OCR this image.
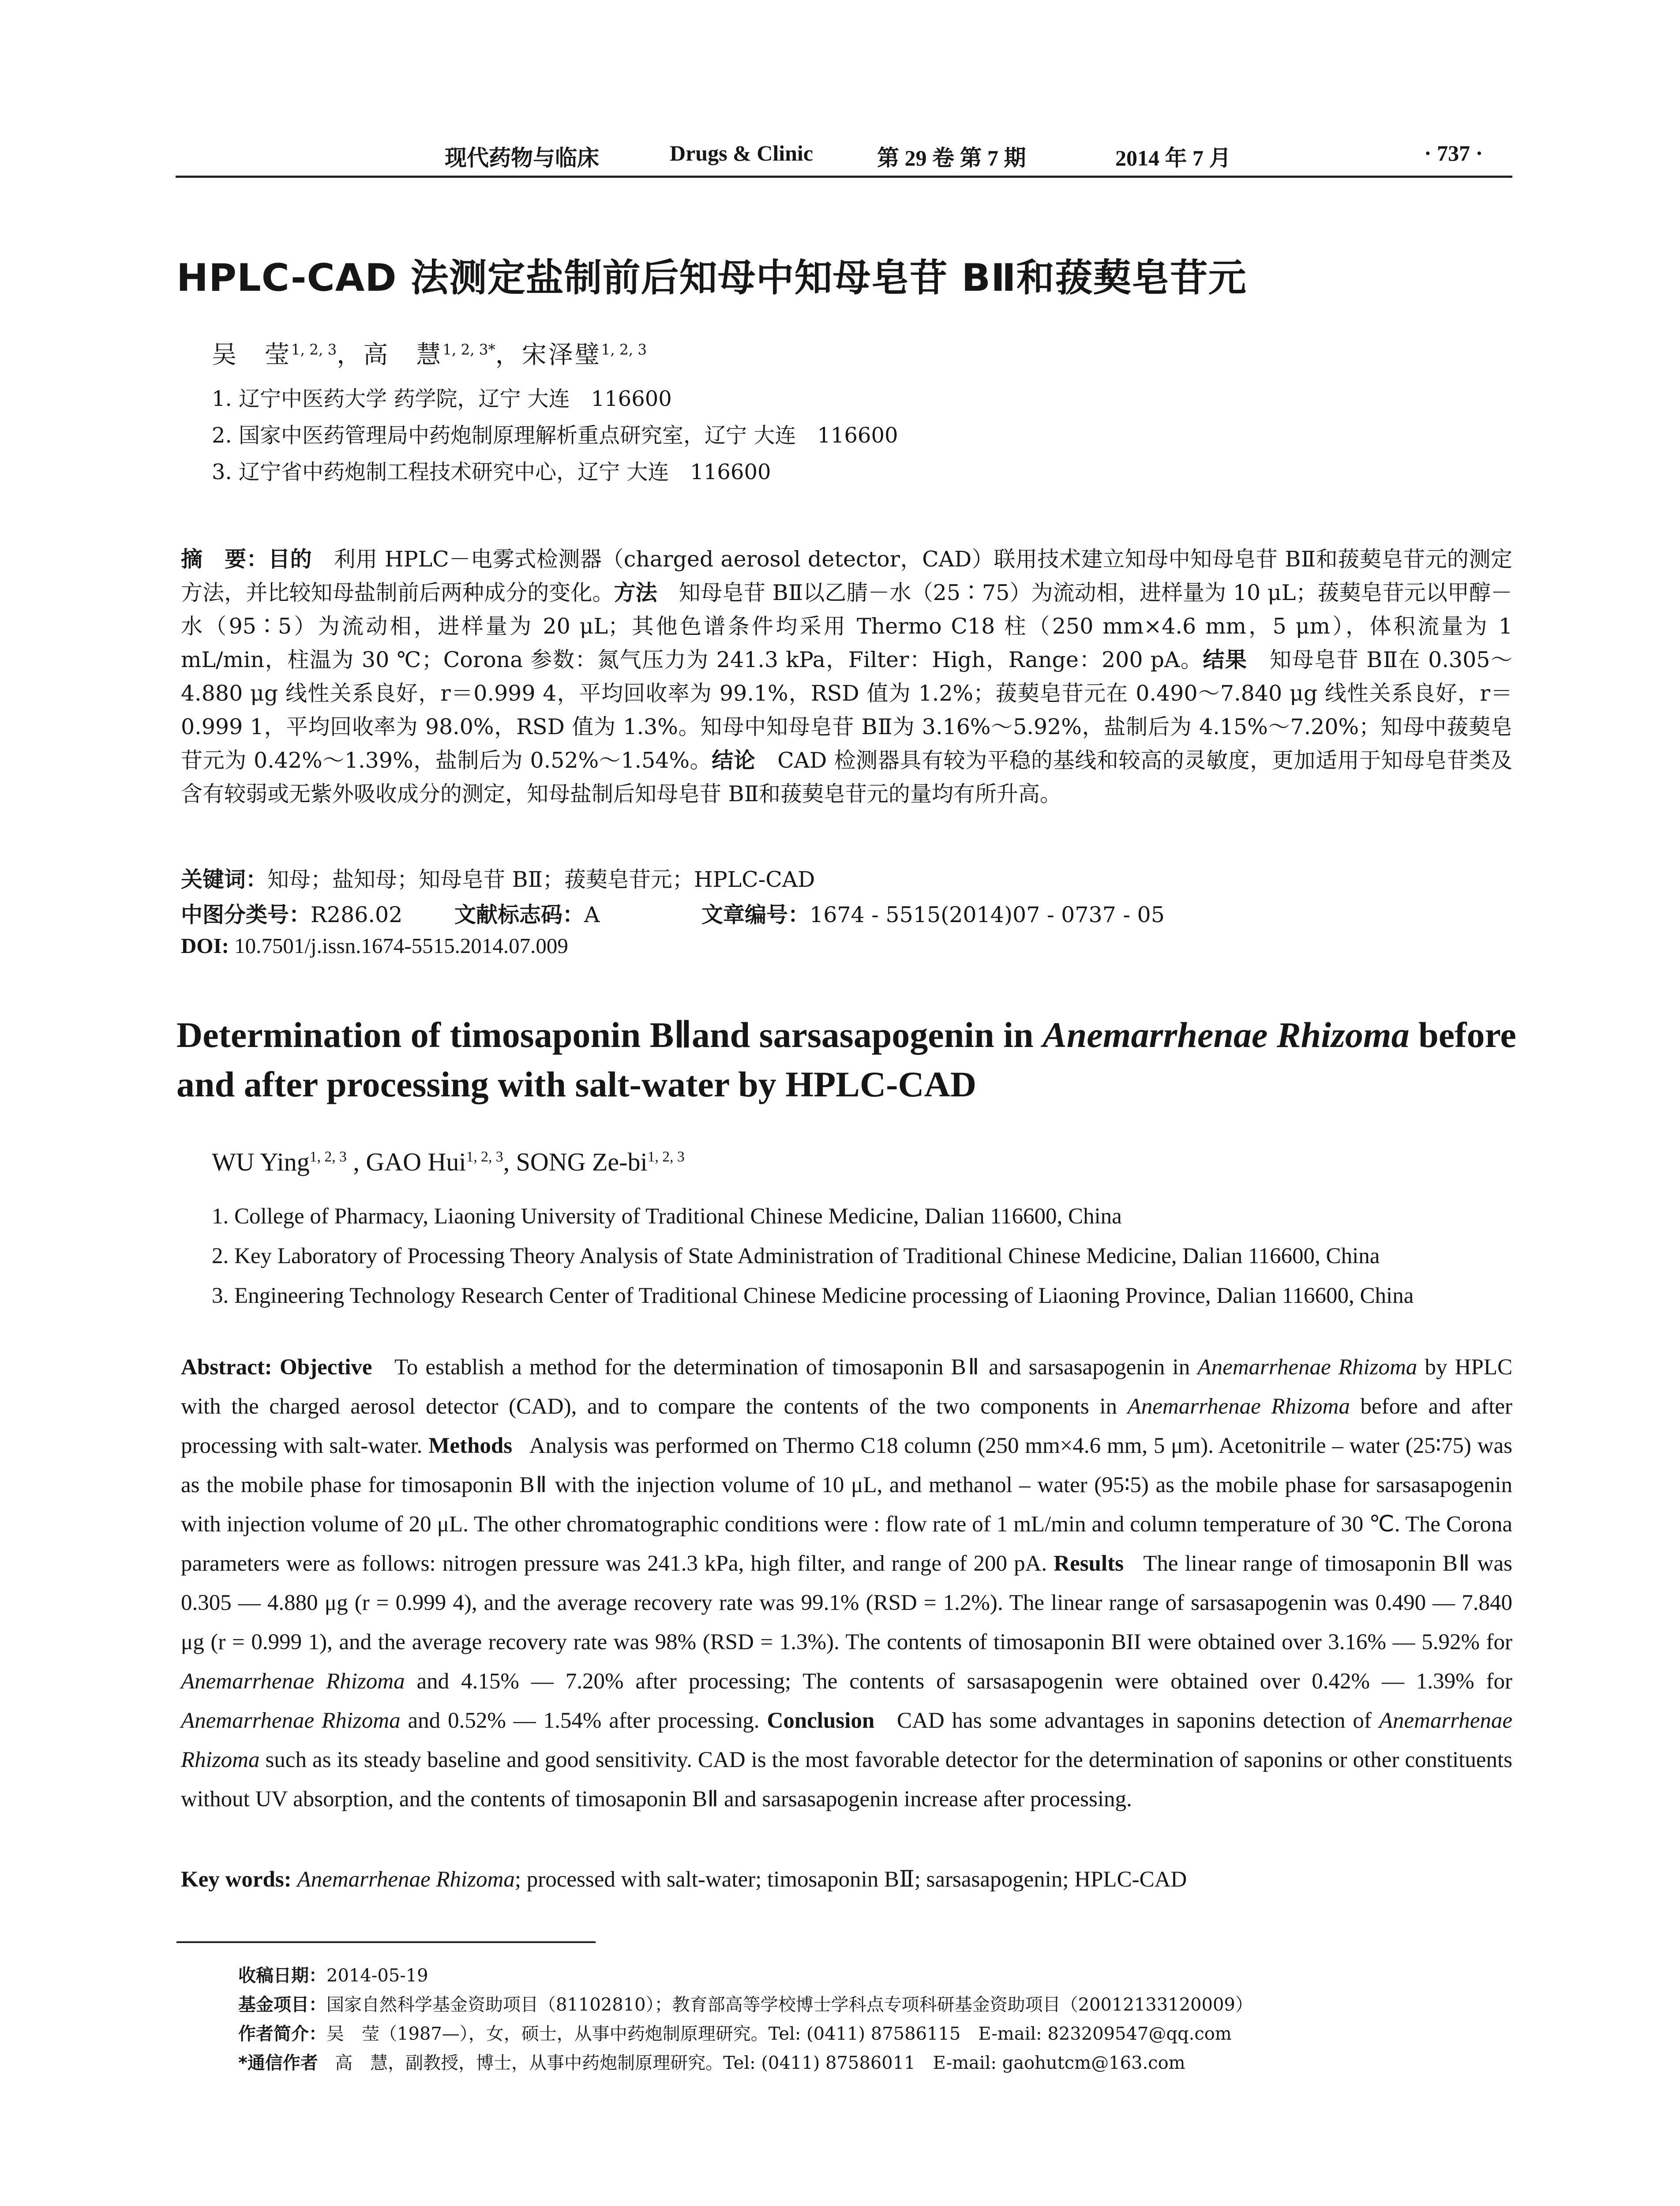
现代药物与临床	Drugs & Clinic	第 29 卷 第 7 期	2014 年 7 月	· 737 ·
HPLC-CAD 法测定盐制前后知母中知母皂苷 BⅡ和菝葜皂苷元
吴　莹$^{1, 2, 3}$，高　慧$^{1, 2, 3*}$，宋泽璧$^{1, 2, 3}$
1. 辽宁中医药大学 药学院，辽宁 大连　116600
2. 国家中医药管理局中药炮制原理解析重点研究室，辽宁 大连　116600
3. 辽宁省中药炮制工程技术研究中心，辽宁 大连　116600
摘　要：目的　 利用 HPLC－电雾式检测器（charged aerosol detector，CAD）联用技术建立知母中知母皂苷 BⅡ和菝葜皂苷元的测定方法，并比较知母盐制前后两种成分的变化。方法　 知母皂苷 BⅡ以乙腈－水（25∶75）为流动相，进样量为 10 μL；菝葜皂苷元以甲醇－水（95∶5）为流动相，进样量为 20 μL；其他色谱条件均采用 Thermo C18 柱（250 mm×4.6 mm，5 μm），体积流量为 1 mL/min，柱温为 30 ℃；Corona 参数：氮气压力为 241.3 kPa，Filter：High，Range：200 pA。结果　 知母皂苷 BⅡ在 0.305～4.880 μg 线性关系良好，r＝0.999 4，平均回收率为 99.1%，RSD 值为 1.2%；菝葜皂苷元在 0.490～7.840 μg 线性关系良好，r＝0.999 1，平均回收率为 98.0%，RSD 值为 1.3%。知母中知母皂苷 BⅡ为 3.16%～5.92%，盐制后为 4.15%～7.20%；知母中菝葜皂苷元为 0.42%～1.39%，盐制后为 0.52%～1.54%。结论　 CAD 检测器具有较为平稳的基线和较高的灵敏度，更加适用于知母皂苷类及含有较弱或无紫外吸收成分的测定，知母盐制后知母皂苷 BⅡ和菝葜皂苷元的量均有所升高。
关键词：知母；盐知母；知母皂苷 BⅡ；菝葜皂苷元；HPLC-CAD
中图分类号：R286.02 文献标志码：A	文章编号：1674 - 5515(2014)07 - 0737 - 05
DOI: 10.7501/j.issn.1674-5515.2014.07.009
Determination of timosaponin BⅡand sarsasapogenin in Anemarrhenae Rhizoma before and after processing with salt-water by HPLC-CAD
WU Ying$^{1, 2, 3}$ , GAO Hui$^{1, 2, 3}$, SONG Ze-bi$^{1, 2, 3}$
1. College of Pharmacy, Liaoning University of Traditional Chinese Medicine, Dalian 116600, China
2. Key Laboratory of Processing Theory Analysis of State Administration of Traditional Chinese Medicine, Dalian 116600, China
3. Engineering Technology Research Center of Traditional Chinese Medicine processing of Liaoning Province, Dalian 116600, China
Abstract: Objective To establish a method for the determination of timosaponin BⅡ and sarsasapogenin in Anemarrhenae Rhizoma by HPLC with the charged aerosol detector (CAD), and to compare the contents of the two components in Anemarrhenae Rhizoma before and after processing with salt-water. Methods Analysis was performed on Thermo C18 column (250 mm×4.6 mm, 5 μm). Acetonitrile – water (25∶75) was as the mobile phase for timosaponin BⅡ with the injection volume of 10 μL, and methanol – water (95∶5) as the mobile phase for sarsasapogenin with injection volume of 20 μL. The other chromatographic conditions were : flow rate of 1 mL/min and column temperature of 30 ℃. The Corona parameters were as follows: nitrogen pressure was 241.3 kPa, high filter, and range of 200 pA. Results The linear range of timosaponin BⅡ was 0.305 — 4.880 μg (r = 0.999 4), and the average recovery rate was 99.1% (RSD = 1.2%). The linear range of sarsasapogenin was 0.490 — 7.840 μg (r = 0.999 1), and the average recovery rate was 98% (RSD = 1.3%). The contents of timosaponin BII were obtained over 3.16% — 5.92% for Anemarrhenae Rhizoma and 4.15% — 7.20% after processing; The contents of sarsasapogenin were obtained over 0.42% — 1.39% for Anemarrhenae Rhizoma and 0.52% — 1.54% after processing. Conclusion CAD has some advantages in saponins detection of Anemarrhenae Rhizoma such as its steady baseline and good sensitivity. CAD is the most favorable detector for the determination of saponins or other constituents without UV absorption, and the contents of timosaponin BⅡ and sarsasapogenin increase after processing.
Key words: Anemarrhenae Rhizoma; processed with salt-water; timosaponin BⅡ; sarsasapogenin; HPLC-CAD
收稿日期：2014-05-19
基金项目：国家自然科学基金资助项目（81102810）；教育部高等学校博士学科点专项科研基金资助项目（20012133120009）
作者简介：吴　莹（1987—），女，硕士，从事中药炮制原理研究。Tel: (0411) 87586115　E-mail: 823209547@qq.com
*通信作者 高　慧，副教授，博士，从事中药炮制原理研究。Tel: (0411) 87586011　E-mail: gaohutcm@163.com
